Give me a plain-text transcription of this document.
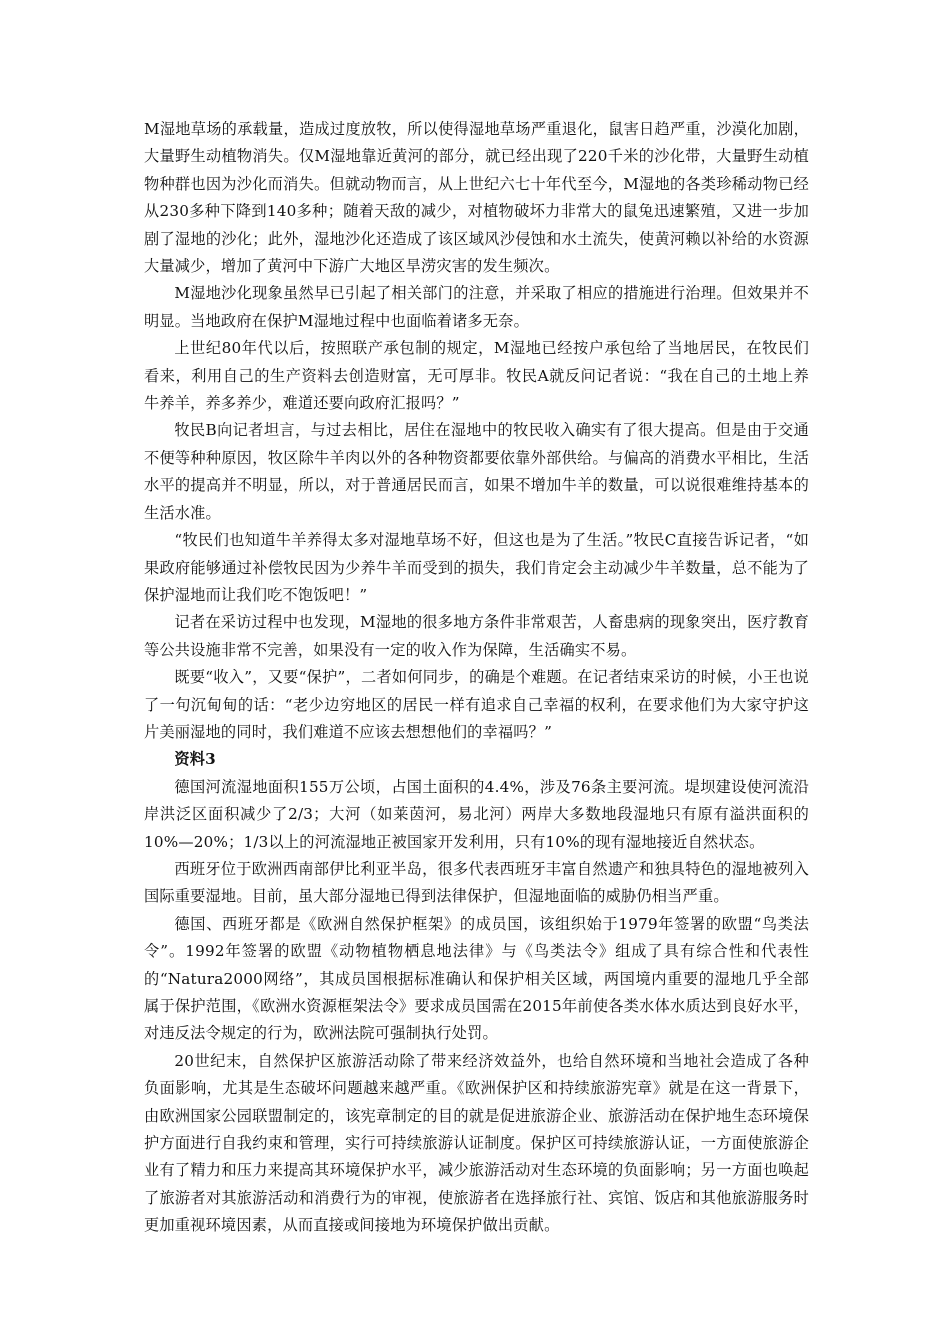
M湿地草场的承载量，造成过度放牧，所以使得湿地草场严重退化，鼠害日趋严重，沙漠化加剧，大量野生动植物消失。仅M湿地靠近黄河的部分，就已经出现了220千米的沙化带，大量野生动植物种群也因为沙化而消失。但就动物而言，从上世纪六七十年代至今，M湿地的各类珍稀动物已经从230多种下降到140多种；随着天敌的减少，对植物破坏力非常大的鼠兔迅速繁殖，又进一步加剧了湿地的沙化；此外，湿地沙化还造成了该区域风沙侵蚀和水土流失，使黄河赖以补给的水资源大量减少，增加了黄河中下游广大地区旱涝灾害的发生频次。

M湿地沙化现象虽然早已引起了相关部门的注意，并采取了相应的措施进行治理。但效果并不明显。当地政府在保护M湿地过程中也面临着诸多无奈。

上世纪80年代以后，按照联产承包制的规定，M湿地已经按户承包给了当地居民，在牧民们看来，利用自己的生产资料去创造财富，无可厚非。牧民A就反问记者说：“我在自己的土地上养牛养羊，养多养少，难道还要向政府汇报吗？”

牧民B向记者坦言，与过去相比，居住在湿地中的牧民收入确实有了很大提高。但是由于交通不便等种种原因，牧区除牛羊肉以外的各种物资都要依靠外部供给。与偏高的消费水平相比，生活水平的提高并不明显，所以，对于普通居民而言，如果不增加牛羊的数量，可以说很难维持基本的生活水准。

“牧民们也知道牛羊养得太多对湿地草场不好，但这也是为了生活。”牧民C直接告诉记者，“如果政府能够通过补偿牧民因为少养牛羊而受到的损失，我们肯定会主动减少牛羊数量，总不能为了保护湿地而让我们吃不饱饭吧！”

记者在采访过程中也发现，M湿地的很多地方条件非常艰苦，人畜患病的现象突出，医疗教育等公共设施非常不完善，如果没有一定的收入作为保障，生活确实不易。

既要“收入”，又要“保护”，二者如何同步，的确是个难题。在记者结束采访的时候，小王也说了一句沉甸甸的话：“老少边穷地区的居民一样有追求自己幸福的权利，在要求他们为大家守护这片美丽湿地的同时，我们难道不应该去想想他们的幸福吗？”

资料3

德国河流湿地面积155万公顷，占国土面积的4.4%，涉及76条主要河流。堤坝建设使河流沿岸洪泛区面积减少了2/3；大河（如莱茵河，易北河）两岸大多数地段湿地只有原有溢洪面积的10%—20%；1/3以上的河流湿地正被国家开发利用，只有10%的现有湿地接近自然状态。

西班牙位于欧洲西南部伊比利亚半岛，很多代表西班牙丰富自然遗产和独具特色的湿地被列入国际重要湿地。目前，虽大部分湿地已得到法律保护，但湿地面临的威胁仍相当严重。

德国、西班牙都是《欧洲自然保护框架》的成员国，该组织始于1979年签署的欧盟“鸟类法令”。1992年签署的欧盟《动物植物栖息地法律》与《鸟类法令》组成了具有综合性和代表性的“Natura2000网络”，其成员国根据标准确认和保护相关区域，两国境内重要的湿地几乎全部属于保护范围，《欧洲水资源框架法令》要求成员国需在2015年前使各类水体水质达到良好水平，对违反法令规定的行为，欧洲法院可强制执行处罚。

20世纪末，自然保护区旅游活动除了带来经济效益外，也给自然环境和当地社会造成了各种负面影响，尤其是生态破坏问题越来越严重。《欧洲保护区和持续旅游宪章》就是在这一背景下，由欧洲国家公园联盟制定的，该宪章制定的目的就是促进旅游企业、旅游活动在保护地生态环境保护方面进行自我约束和管理，实行可持续旅游认证制度。保护区可持续旅游认证，一方面使旅游企业有了精力和压力来提高其环境保护水平，减少旅游活动对生态环境的负面影响；另一方面也唤起了旅游者对其旅游活动和消费行为的审视，使旅游者在选择旅行社、宾馆、饭店和其他旅游服务时更加重视环境因素，从而直接或间接地为环境保护做出贡献。
